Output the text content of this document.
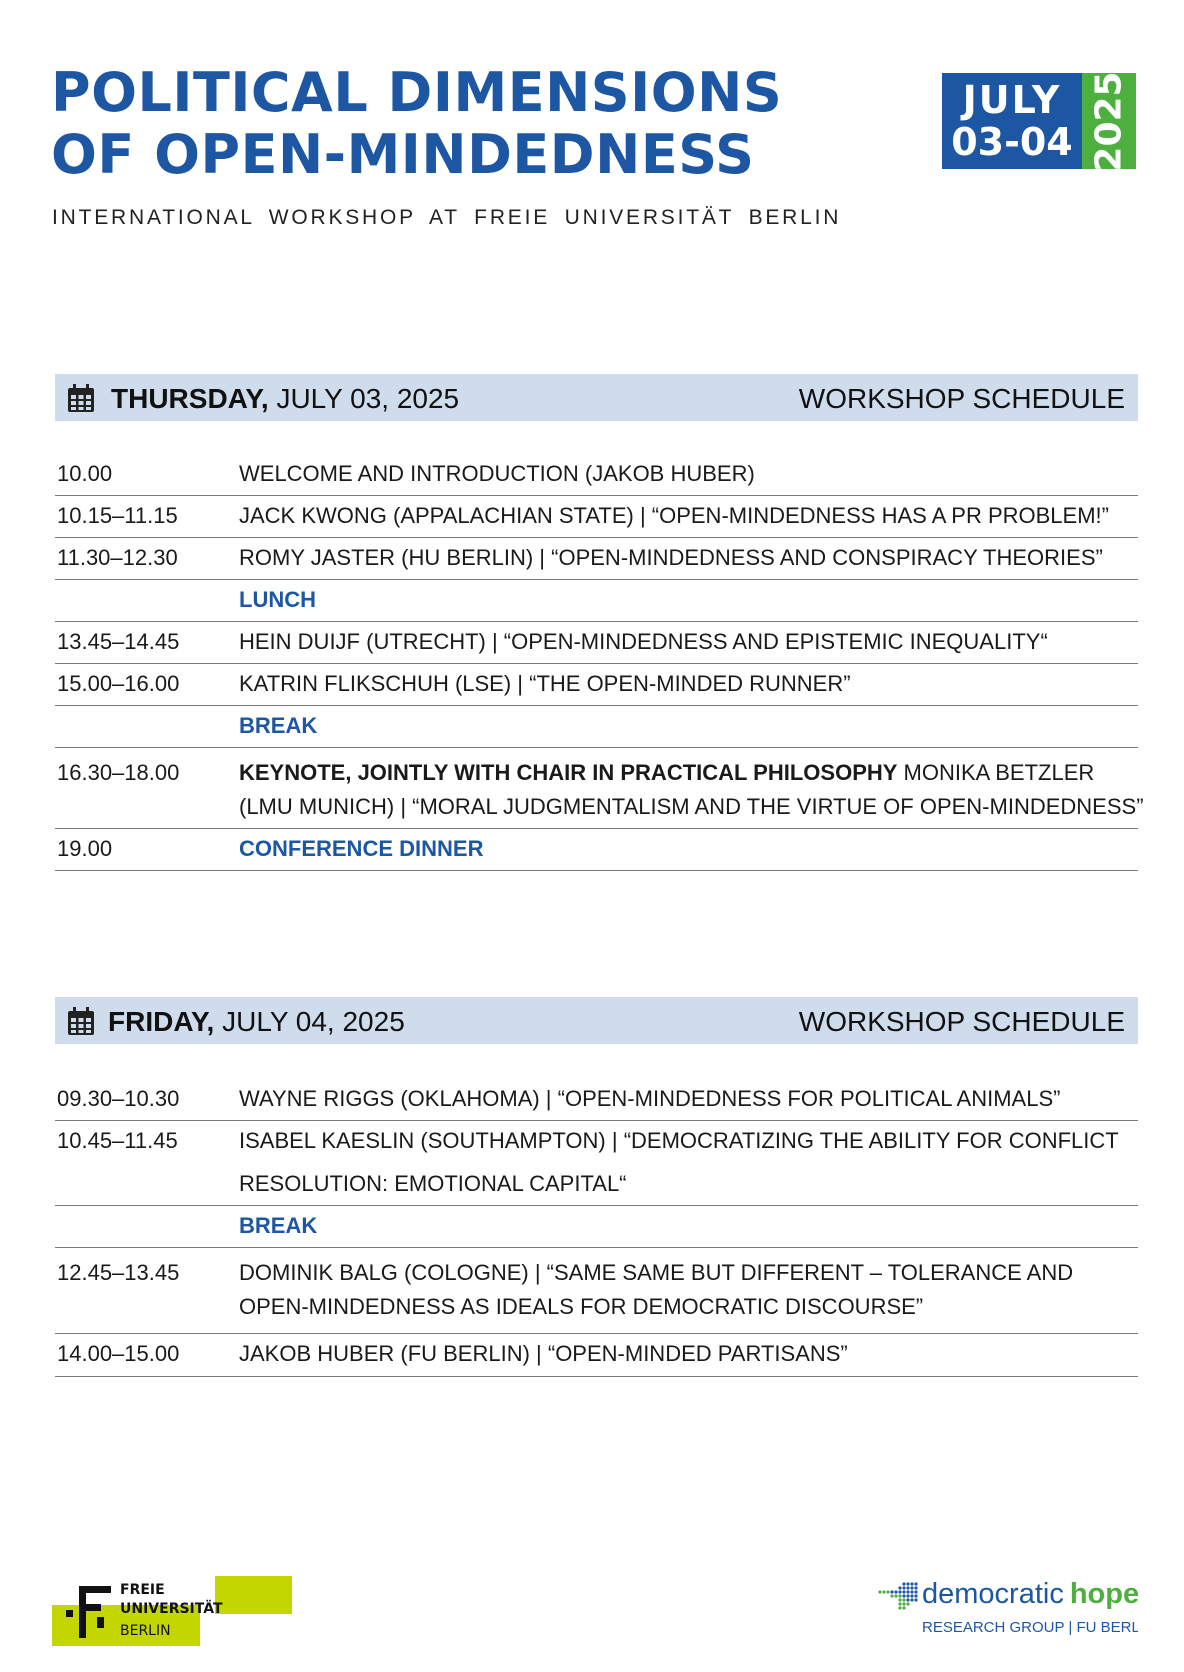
POLITICAL DIMENSIONS
OF OPEN-MINDEDNESS
INTERNATIONAL WORKSHOP AT FREIE UNIVERSITÄT BERLIN
JULY
03-04 2025
THURSDAY, JULY 03, 2025	WORKSHOP SCHEDULE
10.00	WELCOME AND INTRODUCTION (JAKOB HUBER)
10.15–11.15	JACK KWONG (APPALACHIAN STATE) | “OPEN-MINDEDNESS HAS A PR PROBLEM!”
11.30–12.30	ROMY JASTER (HU BERLIN) | “OPEN-MINDEDNESS AND CONSPIRACY THEORIES”
LUNCH
13.45–14.45	HEIN DUIJF (UTRECHT) | “OPEN-MINDEDNESS AND EPISTEMIC INEQUALITY“
15.00–16.00	KATRIN FLIKSCHUH (LSE) | “THE OPEN-MINDED RUNNER”
BREAK
16.30–18.00	KEYNOTE, JOINTLY WITH CHAIR IN PRACTICAL PHILOSOPHY MONIKA BETZLER
(LMU MUNICH) | “MORAL JUDGMENTALISM AND THE VIRTUE OF OPEN-MINDEDNESS”
19.00	CONFERENCE DINNER
FRIDAY, JULY 04, 2025	WORKSHOP SCHEDULE
09.30–10.30	WAYNE RIGGS (OKLAHOMA) | “OPEN-MINDEDNESS FOR POLITICAL ANIMALS”
10.45–11.45	ISABEL KAESLIN (SOUTHAMPTON) | “DEMOCRATIZING THE ABILITY FOR CONFLICT
RESOLUTION: EMOTIONAL CAPITAL“
BREAK
12.45–13.45	DOMINIK BALG (COLOGNE) | “SAME SAME BUT DIFFERENT – TOLERANCE AND
OPEN-MINDEDNESS AS IDEALS FOR DEMOCRATIC DISCOURSE”
14.00–15.00	JAKOB HUBER (FU BERLIN) | “OPEN-MINDED PARTISANS”
FREIE
UNIVERSITÄT
BERLIN
democratic hope
RESEARCH GROUP | FU BERLIN
